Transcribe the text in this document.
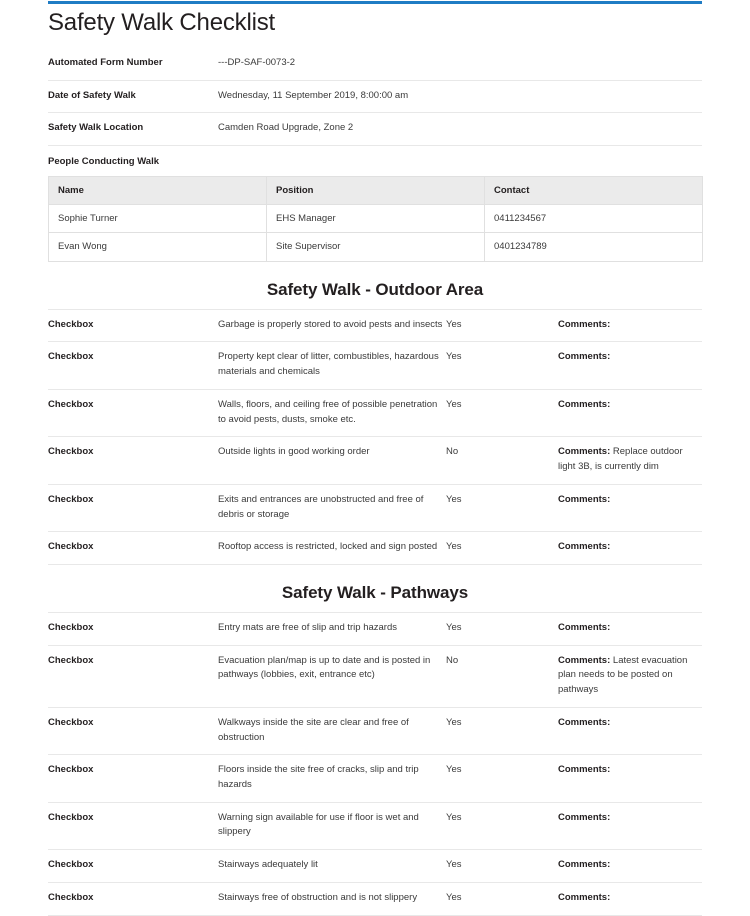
Safety Walk Checklist
Automated Form Number	---DP-SAF-0073-2
Date of Safety Walk	Wednesday, 11 September 2019, 8:00:00 am
Safety Walk Location	Camden Road Upgrade, Zone 2
People Conducting Walk	
Name	Position	Contact
Sophie Turner	EHS Manager	0411234567
Evan Wong	Site Supervisor	0401234789
Safety Walk - Outdoor Area
Checkbox	Garbage is properly stored to avoid pests and insects	Yes	Comments:
Checkbox	Property kept clear of litter, combustibles, hazardous materials and chemicals	Yes	Comments:
Checkbox	Walls, floors, and ceiling free of possible penetration to avoid pests, dusts, smoke etc.	Yes	Comments:
Checkbox	Outside lights in good working order	No	Comments: Replace outdoor light 3B, is currently dim
Checkbox	Exits and entrances are unobstructed and free of debris or storage	Yes	Comments:
Checkbox	Rooftop access is restricted, locked and sign posted	Yes	Comments:
Safety Walk - Pathways
Checkbox	Entry mats are free of slip and trip hazards	Yes	Comments:
Checkbox	Evacuation plan/map is up to date and is posted in pathways (lobbies, exit, entrance etc)	No	Comments: Latest evacuation plan needs to be posted on pathways
Checkbox	Walkways inside the site are clear and free of obstruction	Yes	Comments:
Checkbox	Floors inside the site free of cracks, slip and trip hazards	Yes	Comments:
Checkbox	Warning sign available for use if floor is wet and slippery	Yes	Comments:
Checkbox	Stairways adequately lit	Yes	Comments:
Checkbox	Stairways free of obstruction and is not slippery	Yes	Comments:
